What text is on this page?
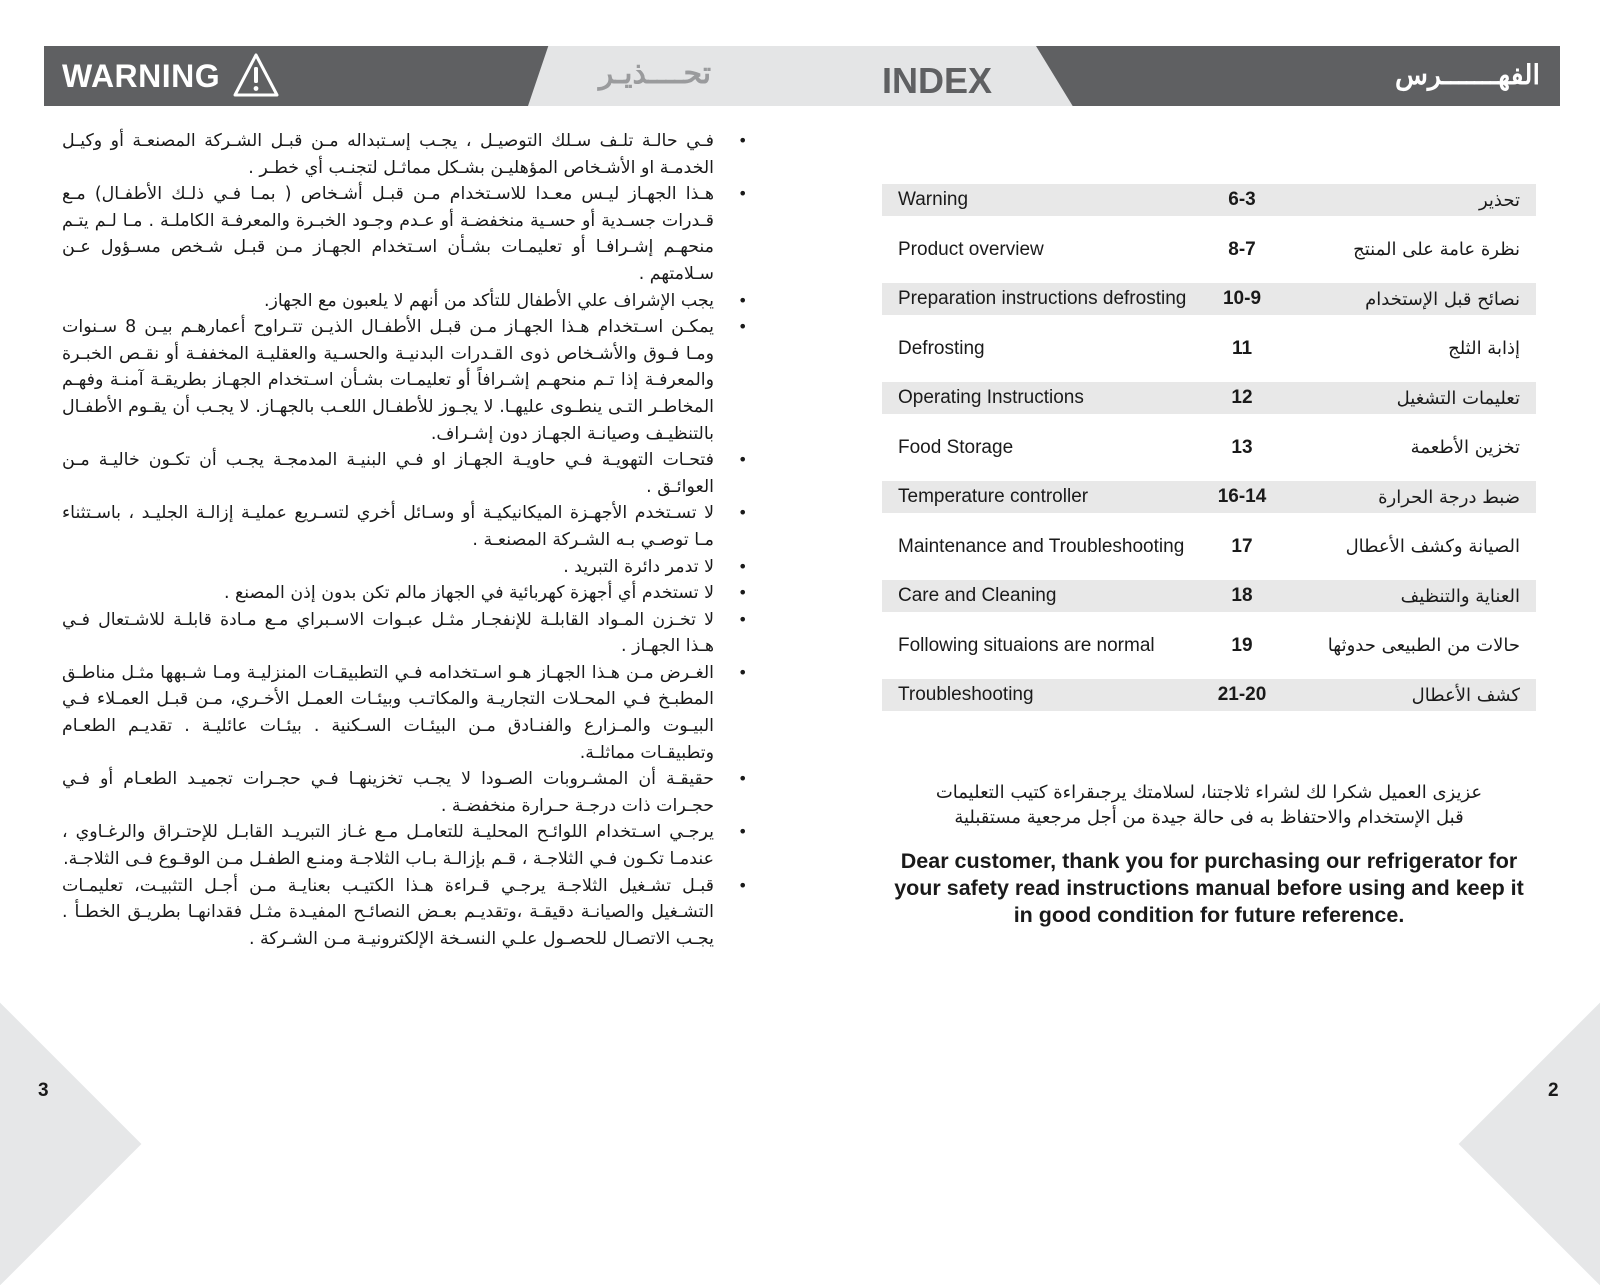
WARNING	تحــــذيـر	INDEX	الفهـــــــرس
فـي حالـة تلـف سـلك التوصيـل ، يجـب إسـتبداله مـن قبـل الشـركة المصنعـة أو وكيـل الخدمـة او الأشـخاص المؤهليـن بشـكل مماثـل لتجنـب أي خطـر . •
هـذا الجهـاز ليـس معـدا للاسـتخدام مـن قبـل أشـخاص ( بمـا فـي ذلـك الأطفـال) مـع قـدرات جسـدية أو حسـية منخفضـة أو عـدم وجـود الخبـرة والمعرفـة الكاملـة . مـا لـم يتـم منحهـم إشـرافـا أو تعليمـات بشـأن اسـتخدام الجهـاز مـن قبـل شـخص مسـؤول عـن سـلامتهم . •
يجب الإشراف علي الأطفال للتأكد من أنهم لا يلعبون مع الجهاز. •
يمكـن اسـتخدام هـذا الجهـاز مـن قبـل الأطفـال الذيـن تتـراوح أعمارهـم بيـن 8 سـنوات ومـا فـوق والأشـخاص ذوى القـدرات البدنيـة والحسـية والعقليـة المخففـة أو نقـص الخبـرة والمعرفـة إذا تـم منحهـم إشـرافاً أو تعليمـات بشـأن اسـتخدام الجهـاز بطريقـة آمنـة وفهـم المخاطـر التـى ينطـوى عليهـا. لا يجـوز للأطفـال اللعـب بالجهـاز. لا يجـب أن يقـوم الأطفـال بالتنظيـف وصيانـة الجهـاز دون إشـراف. •
فتحـات التهويـة فـي حاويـة الجهـاز او فـي البنيـة المدمجـة يجـب أن تكـون خاليـة مـن العوائـق . •
لا تسـتخدم الأجهـزة الميكانيكيـة أو وسـائل أخري لتسـريع عمليـة إزالـة الجليـد ، باسـتثناء مـا توصـي بـه الشـركة المصنعـة . •
لا تدمر دائرة التبريد . •
لا تستخدم أي أجهزة كهربائية في الجهاز مالم تكن بدون إذن المصنع . •
لا تخـزن المـواد القابلـة للإنفجـار مثـل عبـوات الاسـبراي مـع مـادة قابلـة للاشـتعال فـي هـذا الجهـاز . •
الغـرض مـن هـذا الجهـاز هـو اسـتخدامه فـي التطبيقـات المنزليـة ومـا شـبهها مثـل مناطـق المطبـخ فـي المحـلات التجاريـة والمكاتـب وبيئـات العمـل الأخـري، مـن قبـل العمـلاء فـي البيـوت والمـزارع والفنـادق مـن البيئـات السـكنية . بيئـات عائليـة . تقديـم الطعـام وتطبيقـات مماثلـة. •
حقيقـة أن المشـروبات الصـودا لا يجـب تخزينهـا فـي حجـرات تجميـد الطعـام أو فـي حجـرات ذات درجـة حـرارة منخفضـة . •
يرجـي اسـتخدام اللوائـح المحليـة للتعامـل مـع غـاز التبريـد القابـل للإحتـراق والرغـاوي ، عندمـا تكـون فـي الثلاجـة ، قـم بإزالـة بـاب الثلاجـة ومنـع الطفـل مـن الوقـوع فـى الثلاجـة. •
قبـل تشـغيل الثلاجـة يرجـي قـراءة هـذا الكتيـب بعنايـة مـن أجـل التثبيـت، تعليمـات التشـغيل والصيانـة دقيقـة ،وتقديـم بعـض النصائـح المفيـدة مثـل فقدانهـا بطريـق الخطـأ . يجـب الاتصـال للحصـول علـي النسـخة الإلكترونيـة مـن الشـركة . •
Warning	6-3	تحذير
Product overview	8-7	نظرة عامة على المنتج
Preparation instructions defrosting	10-9	نصائح قبل الإستخدام
Defrosting	11	إذابة الثلج
Operating Instructions	12	تعليمات التشغيل
Food Storage	13	تخزين الأطعمة
Temperature controller	16-14	ضبط درجة الحرارة
Maintenance and Troubleshooting	17	الصيانة وكشف الأعطال
Care and Cleaning	18	العناية والتنظيف
Following situaions are normal	19	حالات من الطبيعى حدوثها
Troubleshooting	21-20	كشف الأعطال
عزيزى العميل شكرا لك لشراء ثلاجتنا، لسلامتك يرجىقراءة كتيب التعليمات
قبل الإستخدام والاحتفاظ به فى حالة جيدة من أجل مرجعية مستقبلية
Dear customer, thank you for purchasing our refrigerator for your safety read instructions manual before using and keep it in good condition for future reference.
3	2
